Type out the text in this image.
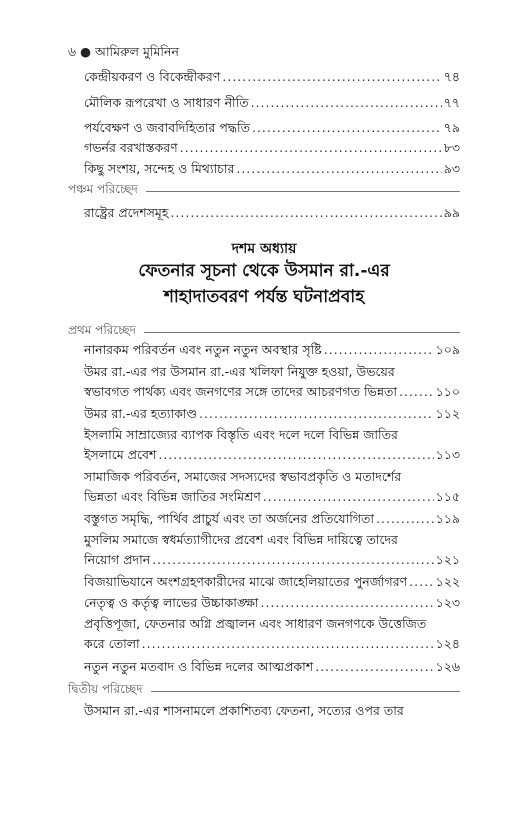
৬ ● আমিরুল মুমিনিন
কেন্দ্রীয়করণ ও বিকেন্দ্রীকরণ .....	৭৪
মৌলিক রূপরেখা ও সাধারণ নীতি .....	৭৭
পর্যবেক্ষণ ও জবাবদিহিতার পদ্ধতি .....	৭৯
গভর্নর বরখাস্তকরণ .....	৮৩
কিছু সংশয়, সন্দেহ ও মিথ্যাচার .....	৯৩
পঞ্চম পরিচ্ছেদ
রাষ্ট্রের প্রদেশসমূহ .....	৯৯
দশম অধ্যায়
ফেতনার সূচনা থেকে উসমান রা.-এর
শাহাদাতবরণ পর্যন্ত ঘটনাপ্রবাহ
প্রথম পরিচ্ছেদ
নানারকম পরিবর্তন এবং নতুন নতুন অবস্থার সৃষ্টি .....	১০৯
উমর রা.-এর পর উসমান রা.-এর খলিফা নিযুক্ত হওয়া, উভয়ের
স্বভাবগত পার্থক্য এবং জনগণের সঙ্গে তাদের আচরণগত ভিন্নতা .....	১১০
উমর রা.-এর হত্যাকাণ্ড .....	১১২
ইসলামি সাম্রাজ্যের ব্যাপক বিস্তৃতি এবং দলে দলে বিভিন্ন জাতির
ইসলামে প্রবেশ .....	১১৩
সামাজিক পরিবর্তন, সমাজের সদস্যদের স্বভাবপ্রকৃতি ও মতাদর্শের
ভিন্নতা এবং বিভিন্ন জাতির সংমিশ্রণ .....	১১৫
বস্তুগত সমৃদ্ধি, পার্থিব প্রাচুর্য এবং তা অর্জনের প্রতিযোগিতা .....	১১৯
মুসলিম সমাজে স্বধর্মত্যাগীদের প্রবেশ এবং বিভিন্ন দায়িত্বে তাদের
নিয়োগ প্রদান .....	১২১
বিজয়াভিযানে অংশগ্রহণকারীদের মাঝে জাহেলিয়াতের পুনর্জাগরণ ..... ১২২
নেতৃত্ব ও কর্তৃত্ব লাভের উচ্চাকাঙ্ক্ষা .....	১২৩
প্রবৃত্তিপূজা, ফেতনার অগ্নি প্রজ্বালন এবং সাধারণ জনগণকে উত্তেজিত
করে তোলা .....	১২৪
নতুন নতুন মতবাদ ও বিভিন্ন দলের আত্মপ্রকাশ .....	১২৬
দ্বিতীয় পরিচ্ছেদ
উসমান রা.-এর শাসনামলে প্রকাশিতব্য ফেতনা, সত্যের ওপর তার
